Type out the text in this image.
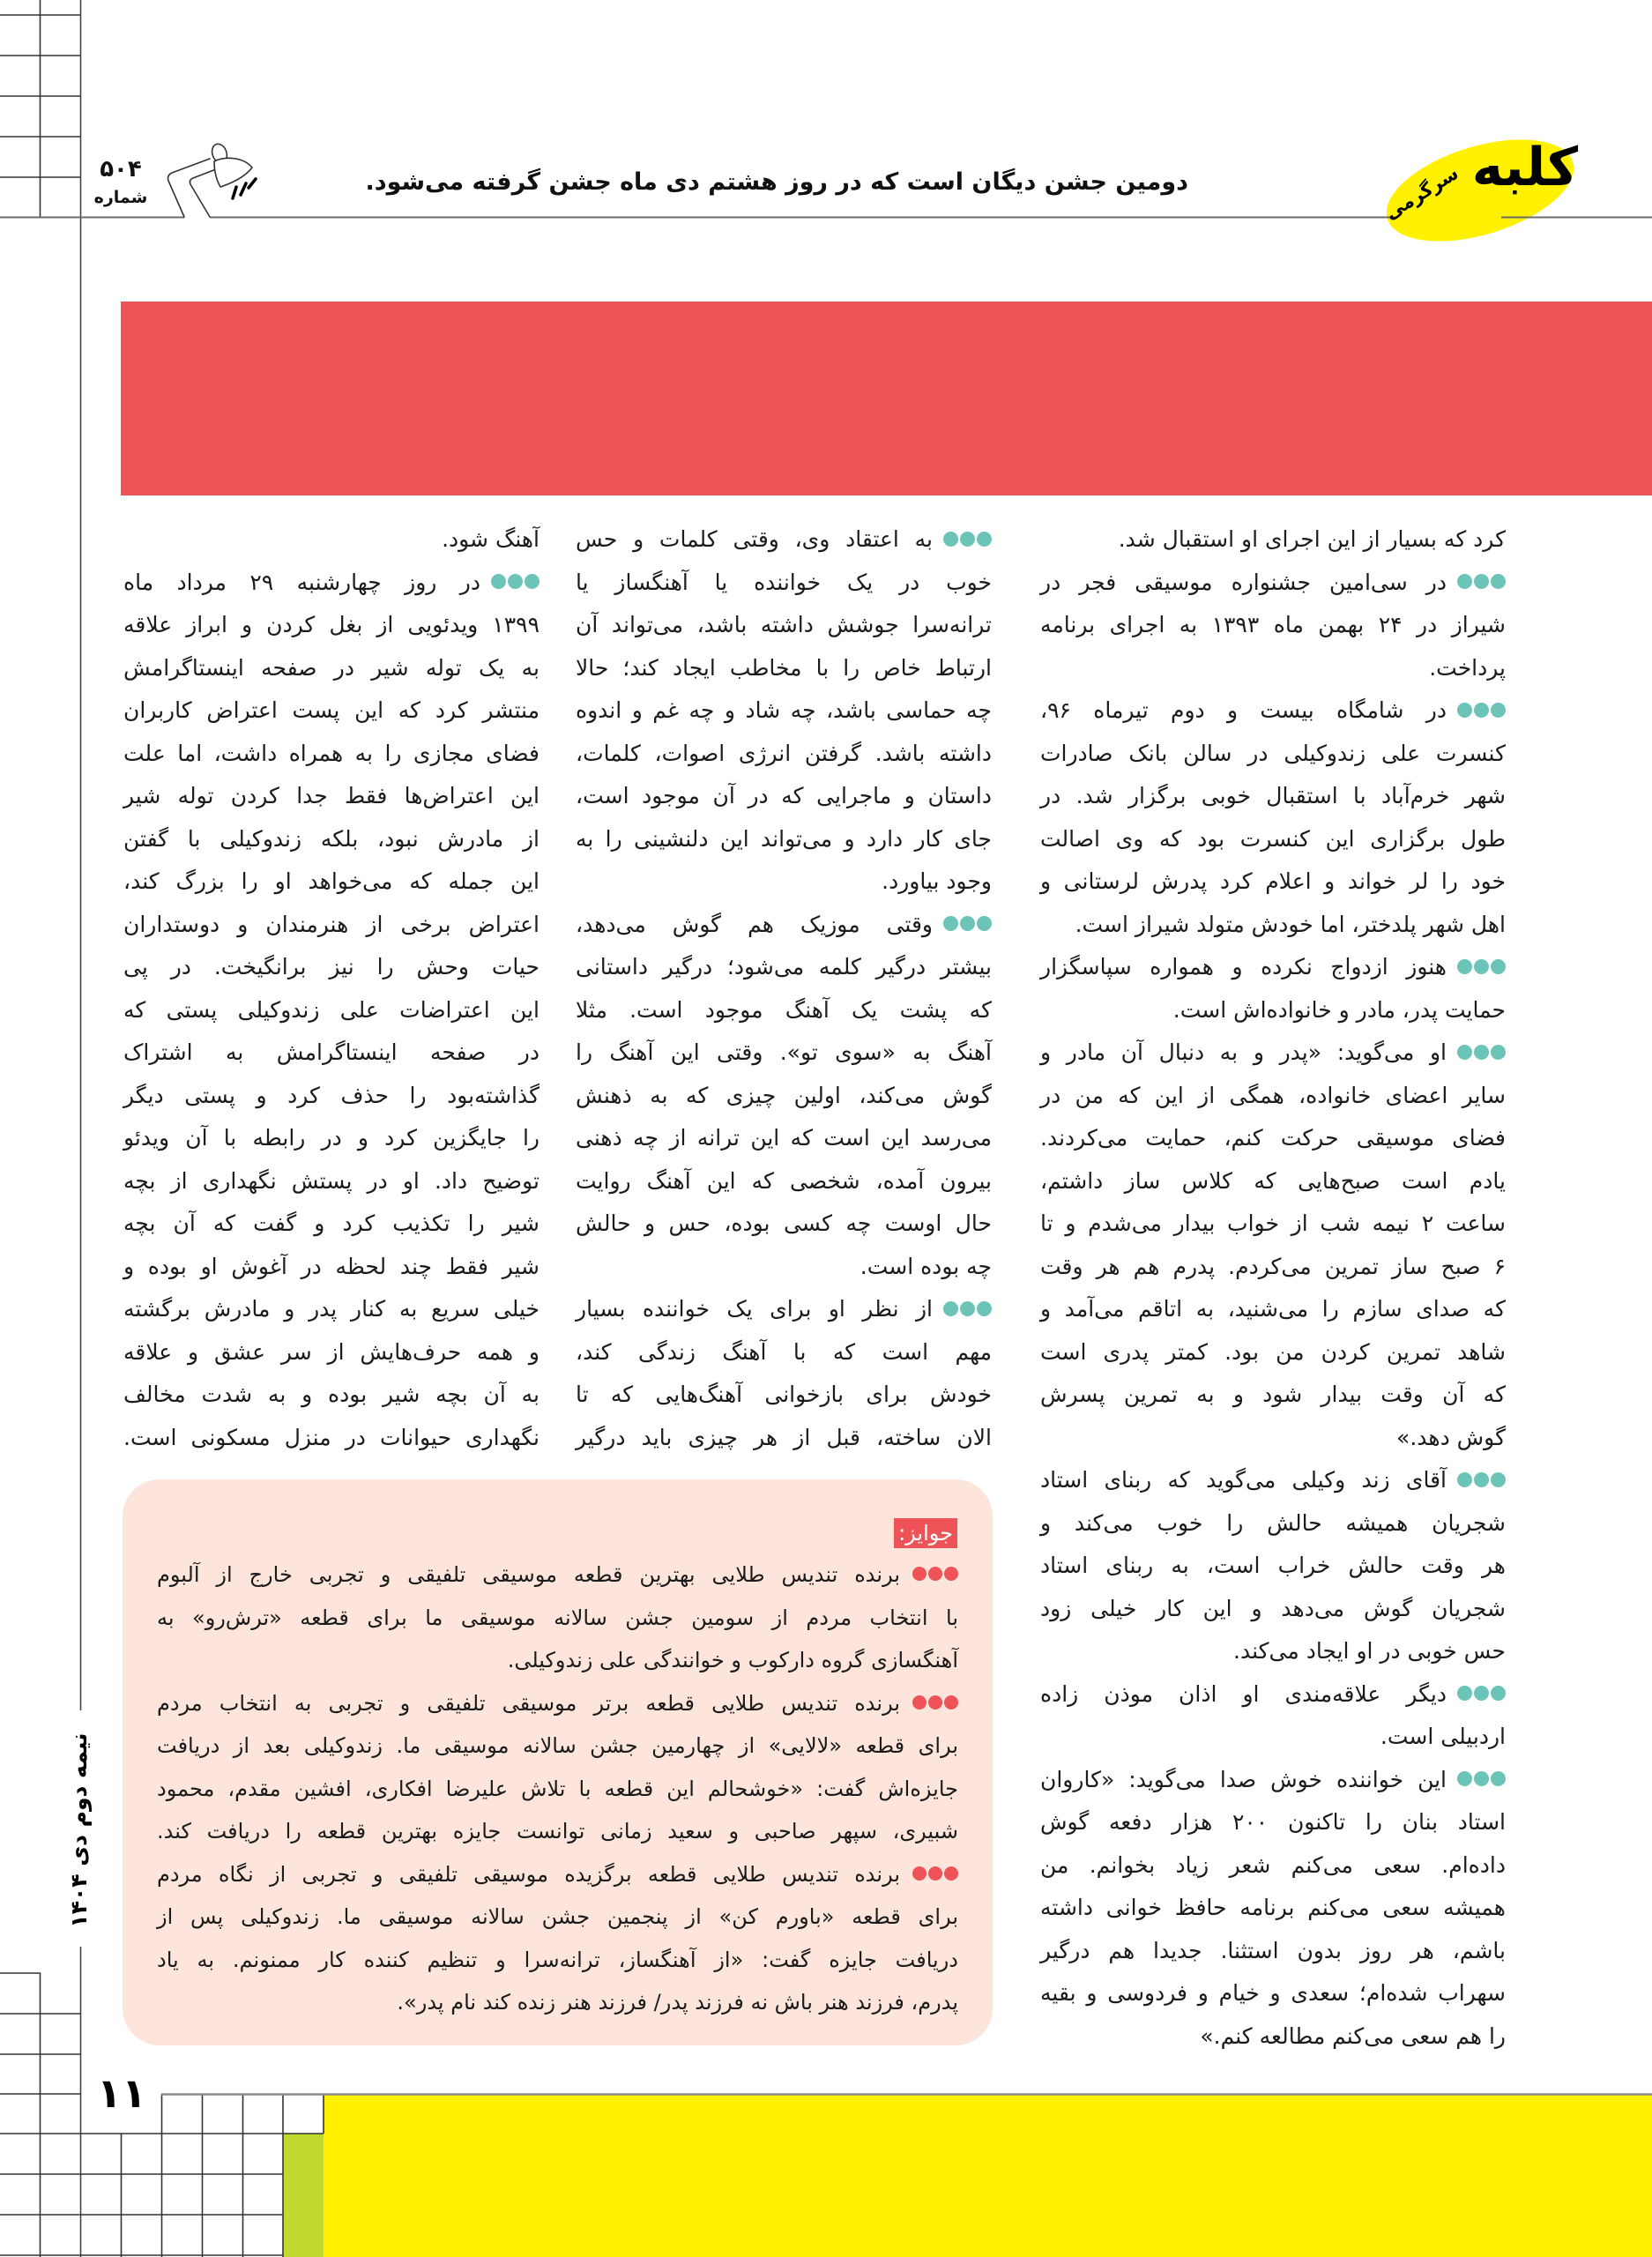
دومین جشن دیگان است که در روز هشتم دی ماه جشن گرفته می‌شود.
۵۰۴
شماره	کلبه
سرگرمی
کرد که بسیار از این اجرای او استقبال شد.
در سی‌امین جشنواره موسیقی فجر در
شیراز در ۲۴ بهمن ماه ۱۳۹۳ به اجرای برنامه
پرداخت.
در شامگاه بیست و دوم تیرماه ۹۶،
کنسرت علی زندوکیلی در سالن بانک صادرات
شهر خرم‌آباد با استقبال خوبی برگزار شد. در
طول برگزاری این کنسرت بود که وی اصالت
خود را لر خواند و اعلام کرد پدرش لرستانی و
اهل شهر پلدختر، اما خودش متولد شیراز است.
هنوز ازدواج نکرده و همواره سپاسگزار
حمایت پدر، مادر و خانواده‌اش است.
او می‌گوید: «پدر و به دنبال آن مادر و
سایر اعضای خانواده، همگی از این که من در
فضای موسیقی حرکت کنم، حمایت می‌کردند.
یادم است صبح‌هایی که کلاس ساز داشتم،
ساعت ۲ نیمه شب از خواب بیدار می‌شدم و تا
۶ صبح ساز تمرین می‌کردم. پدرم هم هر وقت
که صدای سازم را می‌شنید، به اتاقم می‌آمد و
شاهد تمرین کردن من بود. کمتر پدری است
که آن وقت بیدار شود و به تمرین پسرش
گوش دهد.»
آقای زند وکیلی می‌گوید که ربنای استاد
شجریان همیشه حالش را خوب می‌کند و
هر وقت حالش خراب است، به ربنای استاد
شجریان گوش می‌دهد و این کار خیلی زود
حس خوبی در او ایجاد می‌کند.
دیگر علاقه‌مندی او اذان موذن زاده
اردبیلی است.
این خواننده خوش صدا می‌گوید: «کاروان
استاد بنان را تاکنون ۲۰۰ هزار دفعه گوش
داده‌ام. سعی می‌کنم شعر زیاد بخوانم. من
همیشه سعی می‌کنم برنامه حافظ خوانی داشته
باشم، هر روز بدون استثنا. جدیدا هم درگیر
سهراب شده‌ام؛ سعدی و خیام و فردوسی و بقیه
را هم سعی می‌کنم مطالعه کنم.»
به اعتقاد وی، وقتی کلمات و حس
خوب در یک خواننده یا آهنگساز یا
ترانه‌سرا جوشش داشته باشد، می‌تواند آن
ارتباط خاص را با مخاطب ایجاد کند؛ حالا
چه حماسی باشد، چه شاد و چه غم و اندوه
داشته باشد. گرفتن انرژی اصوات، کلمات،
داستان و ماجرایی که در آن موجود است،
جای کار دارد و می‌تواند این دلنشینی را به
وجود بیاورد.
وقتی موزیک هم گوش می‌دهد،
بیشتر درگیر کلمه می‌شود؛ درگیر داستانی
که پشت یک آهنگ موجود است. مثلا
آهنگ به «سوی تو». وقتی این آهنگ را
گوش می‌کند، اولین چیزی که به ذهنش
می‌رسد این است که این ترانه از چه ذهنی
بیرون آمده، شخصی که این آهنگ روایت
حال اوست چه کسی بوده، حس و حالش
چه بوده است.
از نظر او برای یک خواننده بسیار
مهم است که با آهنگ زندگی کند،
خودش برای بازخوانی آهنگ‌هایی که تا
الان ساخته، قبل از هر چیزی باید درگیر
آهنگ شود.
در روز چهارشنبه ۲۹ مرداد ماه
۱۳۹۹ ویدئویی از بغل کردن و ابراز علاقه
به یک توله شیر در صفحه اینستاگرامش
منتشر کرد که این پست اعتراض کاربران
فضای مجازی را به همراه داشت، اما علت
این اعتراض‌ها فقط جدا کردن توله شیر
از مادرش نبود، بلکه زندوکیلی با گفتن
این جمله که می‌خواهد او را بزرگ کند،
اعتراض برخی از هنرمندان و دوستداران
حیات وحش را نیز برانگیخت. در پی
این اعتراضات علی زندوکیلی پستی که
در صفحه اینستاگرامش به اشتراک
گذاشته‌بود را حذف کرد و پستی دیگر
را جایگزین کرد و در رابطه با آن ویدئو
توضیح داد. او در پستش نگهداری از بچه
شیر را تکذیب کرد و گفت که آن بچه
شیر فقط چند لحظه در آغوش او بوده و
خیلی سریع به کنار پدر و مادرش برگشته
و همه حرف‌هایش از سر عشق و علاقه
به آن بچه شیر بوده و به شدت مخالف
نگهداری حیوانات در منزل مسکونی است.
جوایز:
برنده تندیس طلایی بهترین قطعه موسیقی تلفیقی و تجربی خارج از آلبوم
با انتخاب مردم از سومین جشن سالانه موسیقی ما برای قطعه «ترش‌رو» به
آهنگسازی گروه دارکوب و خوانندگی علی زندوکیلی.
برنده تندیس طلایی قطعه برتر موسیقی تلفیقی و تجربی به انتخاب مردم
برای قطعه «لالایی» از چهارمین جشن سالانه موسیقی ما. زندوکیلی بعد از دریافت
جایزه‌اش گفت: «خوشحالم این قطعه با تلاش علیرضا افکاری، افشین مقدم، محمود
شبیری، سپهر صاحبی و سعید زمانی توانست جایزه بهترین قطعه را دریافت کند.
برنده تندیس طلایی قطعه برگزیده موسیقی تلفیقی و تجربی از نگاه مردم
برای قطعه «باورم کن» از پنجمین جشن سالانه موسیقی ما. زندوکیلی پس از
دریافت جایزه گفت: «از آهنگساز، ترانه‌سرا و تنظیم کننده کار ممنونم. به یاد
پدرم، فرزند هنر باش نه فرزند پدر/ فرزند هنر زنده کند نام پدر».
۱۱
نیمه دوم دی ۱۴۰۴
